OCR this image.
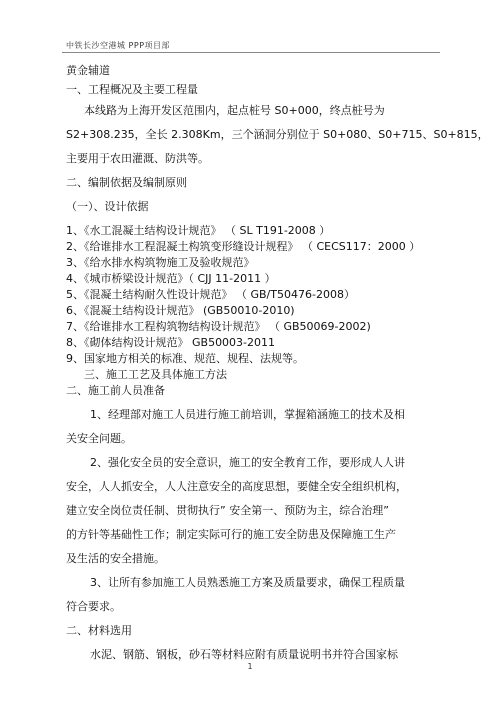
中铁长沙空港城 PPP项目部
黄金辅道
一、工程概况及主要工程量
本线路为上海开发区范围内，起点桩号 S0+000，终点桩号为
S2+308.235，全长 2.308Km，三个涵洞分别位于 S0+080、S0+715、S0+815，
主要用于农田灌溉、防洪等。
二、编制依据及编制原则
（一）、设计依据
1、《水工混凝土结构设计规范》 （ SL T191-2008 ）
2、《给谁排水工程混凝土构筑变形缝设计规程》 （ CECS117：2000 ）
3、《给水排水构筑物施工及验收规范》
4、《城市桥梁设计规范》（ CJJ 11-2011 ）
5、《混凝土结构耐久性设计规范》 （ GB/T50476-2008）
6、《混凝土结构设计规范》 (GB50010-2010)
7、《给谁排水工程构筑物结构设计规范》 （ GB50069-2002)
8、《砌体结构设计规范》 GB50003-2011
9、国家地方相关的标准、规范、规程、法规等。
三、施工工艺及具体施工方法
二、施工前人员准备
1、经理部对施工人员进行施工前培训，掌握箱涵施工的技术及相
关安全问题。
2、强化安全员的安全意识，施工的安全教育工作，要形成人人讲
安全，人人抓安全，人人注意安全的高度思想，要健全安全组织机构，
建立安全岗位责任制、贯彻执行” 安全第一、预防为主，综合治理”
的方针等基础性工作；制定实际可行的施工安全防患及保障施工生产
及生活的安全措施。
3、让所有参加施工人员熟悉施工方案及质量要求，确保工程质量
符合要求。
二、材料选用
水泥、钢筋、钢板，砂石等材料应附有质量说明书并符合国家标
1
